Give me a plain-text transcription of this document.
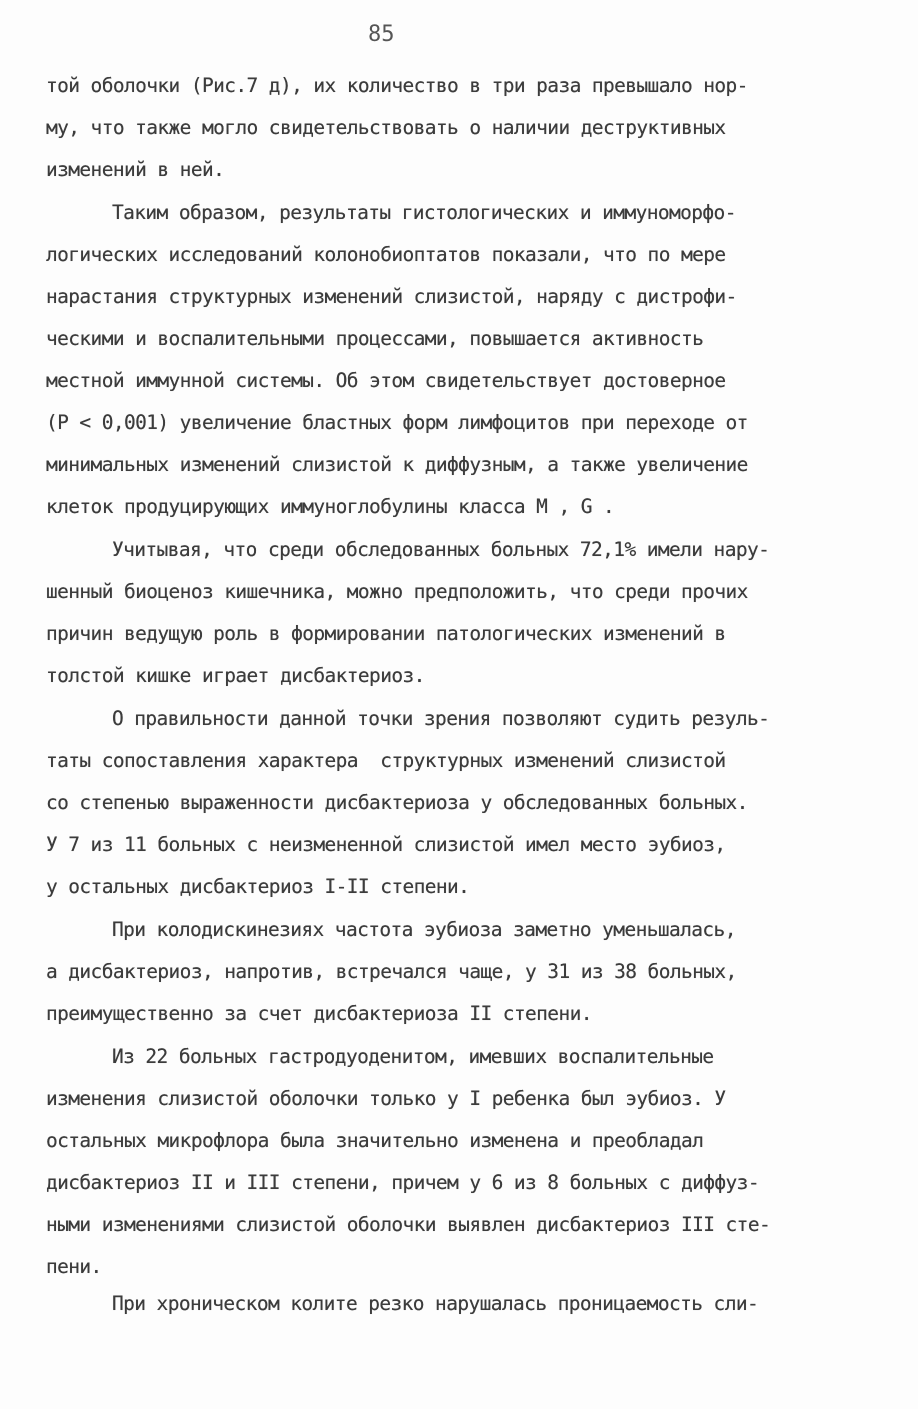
85
той оболочки (Рис.7 д), их количество в три раза превышало нор-
му, что также могло свидетельствовать о наличии деструктивных
изменений в ней.
Таким образом, результаты гистологических и иммуноморфо-
логических исследований колонобиоптатов показали, что по мере
нарастания структурных изменений слизистой, наряду с дистрофи-
ческими и воспалительными процессами, повышается активность
местной иммунной системы. Об этом свидетельствует достоверное
(Р < 0,001) увеличение бластных форм лимфоцитов при переходе от
минимальных изменений слизистой к диффузным, а также увеличение
клеток продуцирующих иммуноглобулины класса М , G .
Учитывая, что среди обследованных больных 72,1% имели нару-
шенный биоценоз кишечника, можно предположить, что среди прочих
причин ведущую роль в формировании патологических изменений в
толстой кишке играет дисбактериоз.
О правильности данной точки зрения позволяют судить резуль-
таты сопоставления характера  структурных изменений слизистой
со степенью выраженности дисбактериоза у обследованных больных.
У 7 из 11 больных с неизмененной слизистой имел место эубиоз,
у остальных дисбактериоз I-II степени.
При колодискинезиях частота эубиоза заметно уменьшалась,
а дисбактериоз, напротив, встречался чаще, у 31 из 38 больных,
преимущественно за счет дисбактериоза II степени.
Из 22 больных гастродуоденитом, имевших воспалительные
изменения слизистой оболочки только у I ребенка был эубиоз. У
остальных микрофлора была значительно изменена и преобладал
дисбактериоз II и III степени, причем у 6 из 8 больных с диффуз-
ными изменениями слизистой оболочки выявлен дисбактериоз III сте-
пени.
При хроническом колите резко нарушалась проницаемость сли-
